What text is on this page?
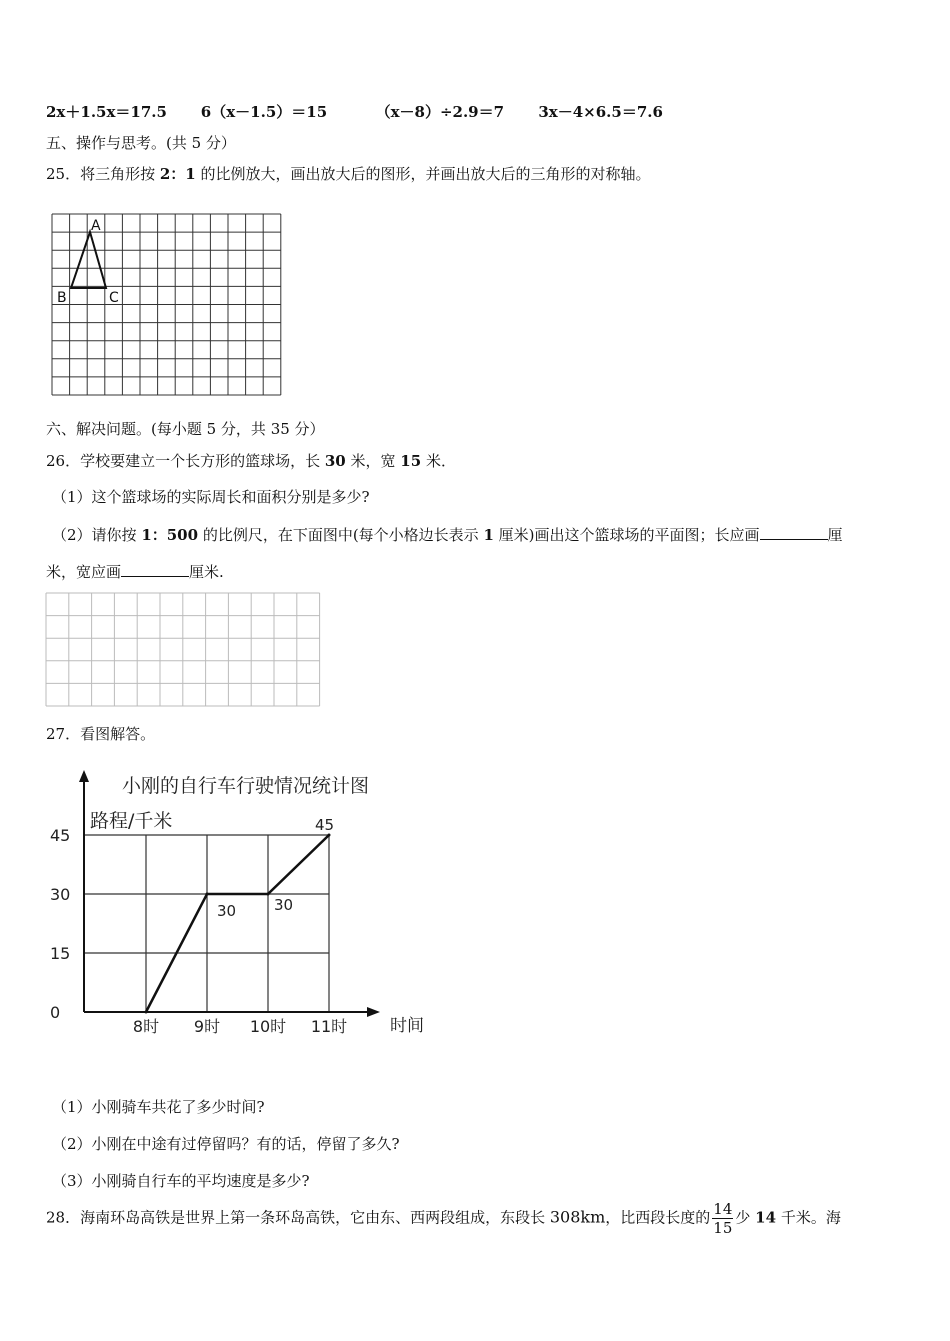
2x＋1.5x＝17.5 6（x－1.5）＝15	（x－8）÷2.9＝7 3x－4×6.5＝7.6
五、操作与思考。(共 5 分）
25．将三角形按 2：1 的比例放大，画出放大后的图形，并画出放大后的三角形的对称轴。
A
B	C
六、解决问题。(每小题 5 分，共 35 分）
26．学校要建立一个长方形的篮球场，长 30 米，宽 15 米．
（1）这个篮球场的实际周长和面积分别是多少?
（2）请你按 1：500 的比例尺，在下面图中(每个小格边长表示 1 厘米)画出这个篮球场的平面图；长应画	厘
米，宽应画	厘米.
27．看图解答。
小刚的自行车行驶情况统计图
路程/千米
时间
0
15
30
45
8时 9时 10时 11时
30	30
45
（1）小刚骑车共花了多少时间?
（2）小刚在中途有过停留吗？有的话，停留了多久?
（3）小刚骑自行车的平均速度是多少?
28．海南环岛高铁是世界上第一条环岛高铁，它由东、西两段组成，东段长 308km，比西段长度的 $\frac{14}{15}$ 少 14 千米。海
